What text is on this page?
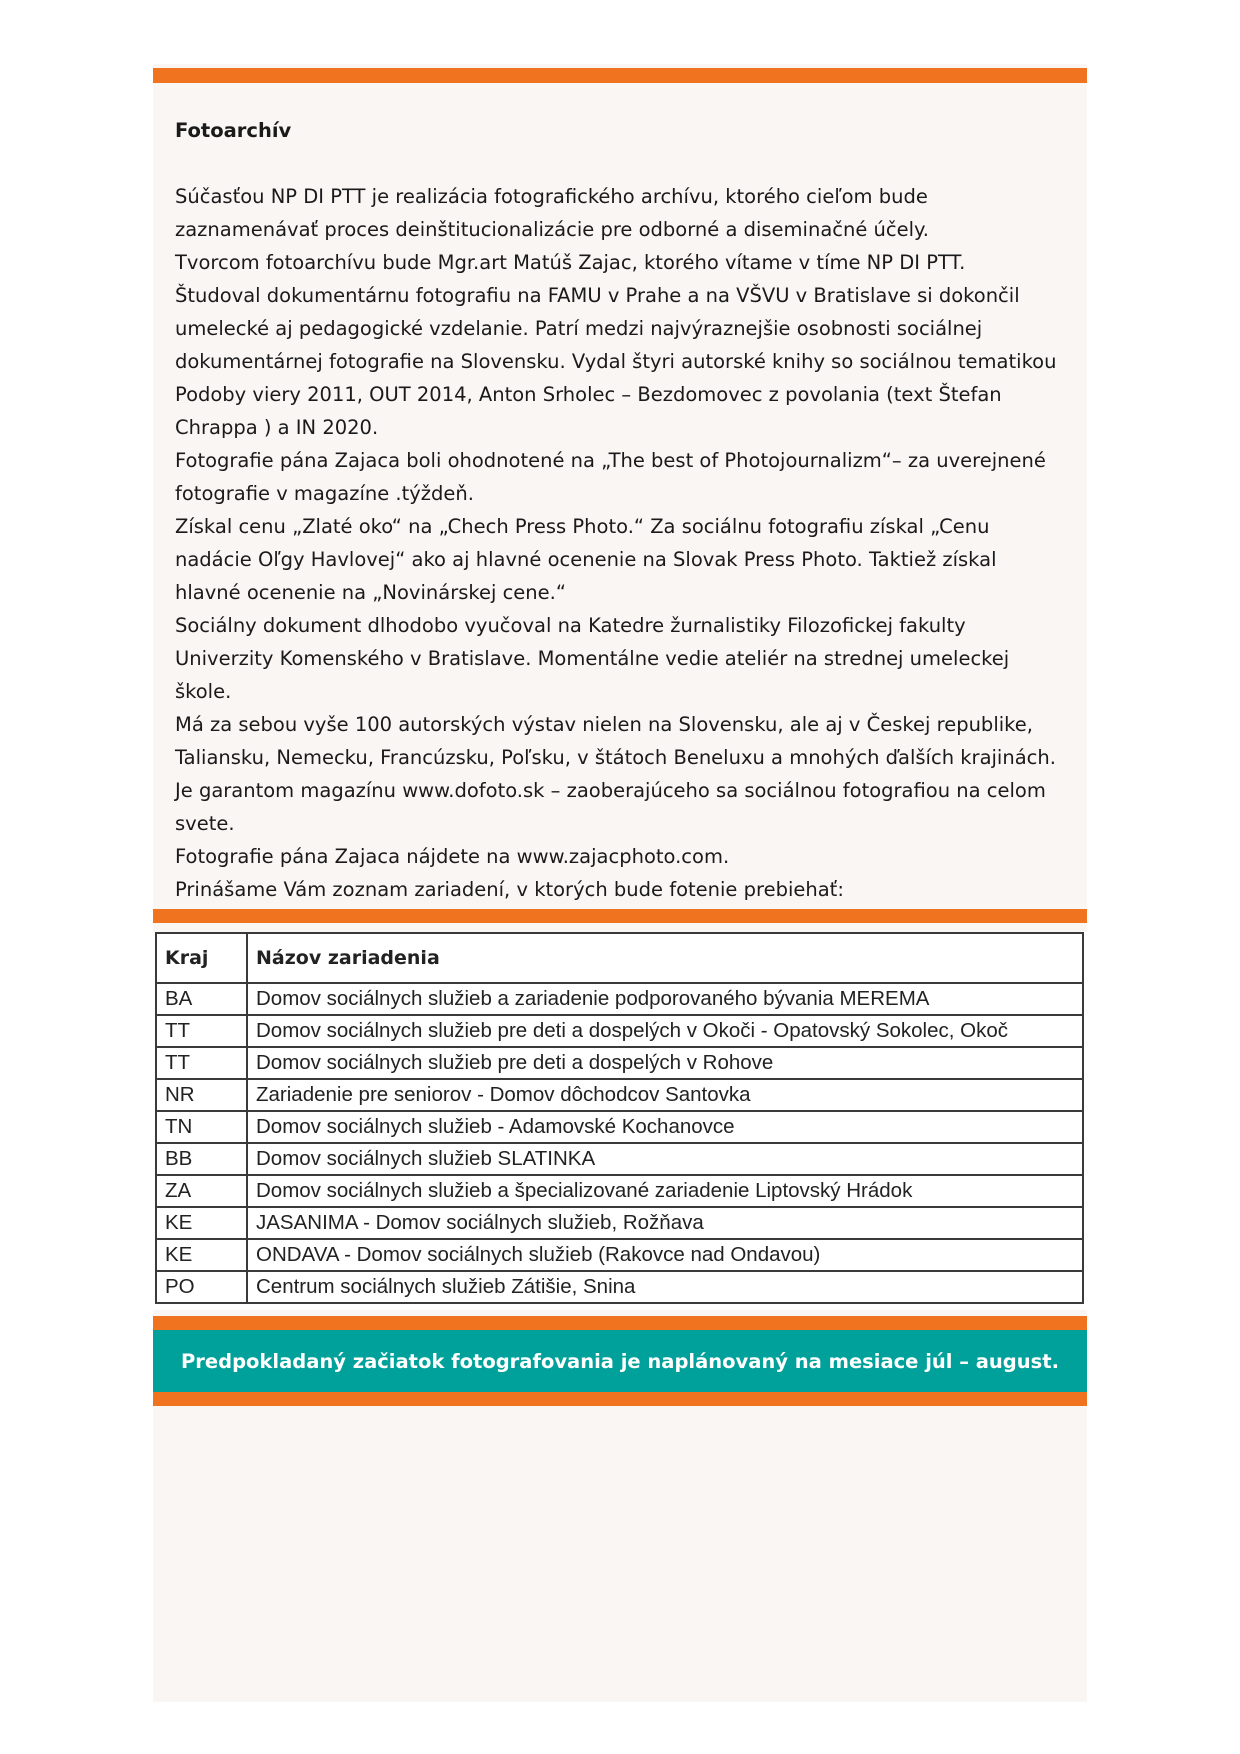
Fotoarchív

Súčasťou NP DI PTT je realizácia fotografického archívu, ktorého cieľom bude
zaznamenávať proces deinštitucionalizácie pre odborné a diseminačné účely.
Tvorcom fotoarchívu bude Mgr.art Matúš Zajac, ktorého vítame v tíme NP DI PTT.
Študoval dokumentárnu fotografiu na FAMU v Prahe a na VŠVU v Bratislave si dokončil
umelecké aj pedagogické vzdelanie. Patrí medzi najvýraznejšie osobnosti sociálnej
dokumentárnej fotografie na Slovensku. Vydal štyri autorské knihy so sociálnou tematikou
Podoby viery 2011, OUT 2014, Anton Srholec – Bezdomovec z povolania (text Štefan
Chrappa ) a IN 2020.
Fotografie pána Zajaca boli ohodnotené na „The best of Photojournalizm“– za uverejnené
fotografie v magazíne .týždeň.
Získal cenu „Zlaté oko“ na „Chech Press Photo.“ Za sociálnu fotografiu získal „Cenu
nadácie Oľgy Havlovej“ ako aj hlavné ocenenie na Slovak Press Photo. Taktiež získal
hlavné ocenenie na „Novinárskej cene.“
Sociálny dokument dlhodobo vyučoval na Katedre žurnalistiky Filozofickej fakulty
Univerzity Komenského v Bratislave. Momentálne vedie ateliér na strednej umeleckej
škole.
Má za sebou vyše 100 autorských výstav nielen na Slovensku, ale aj v Českej republike,
Taliansku, Nemecku, Francúzsku, Poľsku, v štátoch Beneluxu a mnohých ďalších krajinách.
Je garantom magazínu www.dofoto.sk – zaoberajúceho sa sociálnou fotografiou na celom
svete.
Fotografie pána Zajaca nájdete na www.zajacphoto.com.
Prinášame Vám zoznam zariadení, v ktorých bude fotenie prebiehať:

Kraj	Názov zariadenia
BA	Domov sociálnych služieb a zariadenie podporovaného bývania MEREMA
TT	Domov sociálnych služieb pre deti a dospelých v Okoči - Opatovský Sokolec, Okoč
TT	Domov sociálnych služieb pre deti a dospelých v Rohove
NR	Zariadenie pre seniorov - Domov dôchodcov Santovka
TN	Domov sociálnych služieb - Adamovské Kochanovce
BB	Domov sociálnych služieb SLATINKA
ZA	Domov sociálnych služieb a špecializované zariadenie Liptovský Hrádok
KE	JASANIMA - Domov sociálnych služieb, Rožňava
KE	ONDAVA - Domov sociálnych služieb (Rakovce nad Ondavou)
PO	Centrum sociálnych služieb Zátišie, Snina
Predpokladaný začiatok fotografovania je naplánovaný na mesiace júl – august.
